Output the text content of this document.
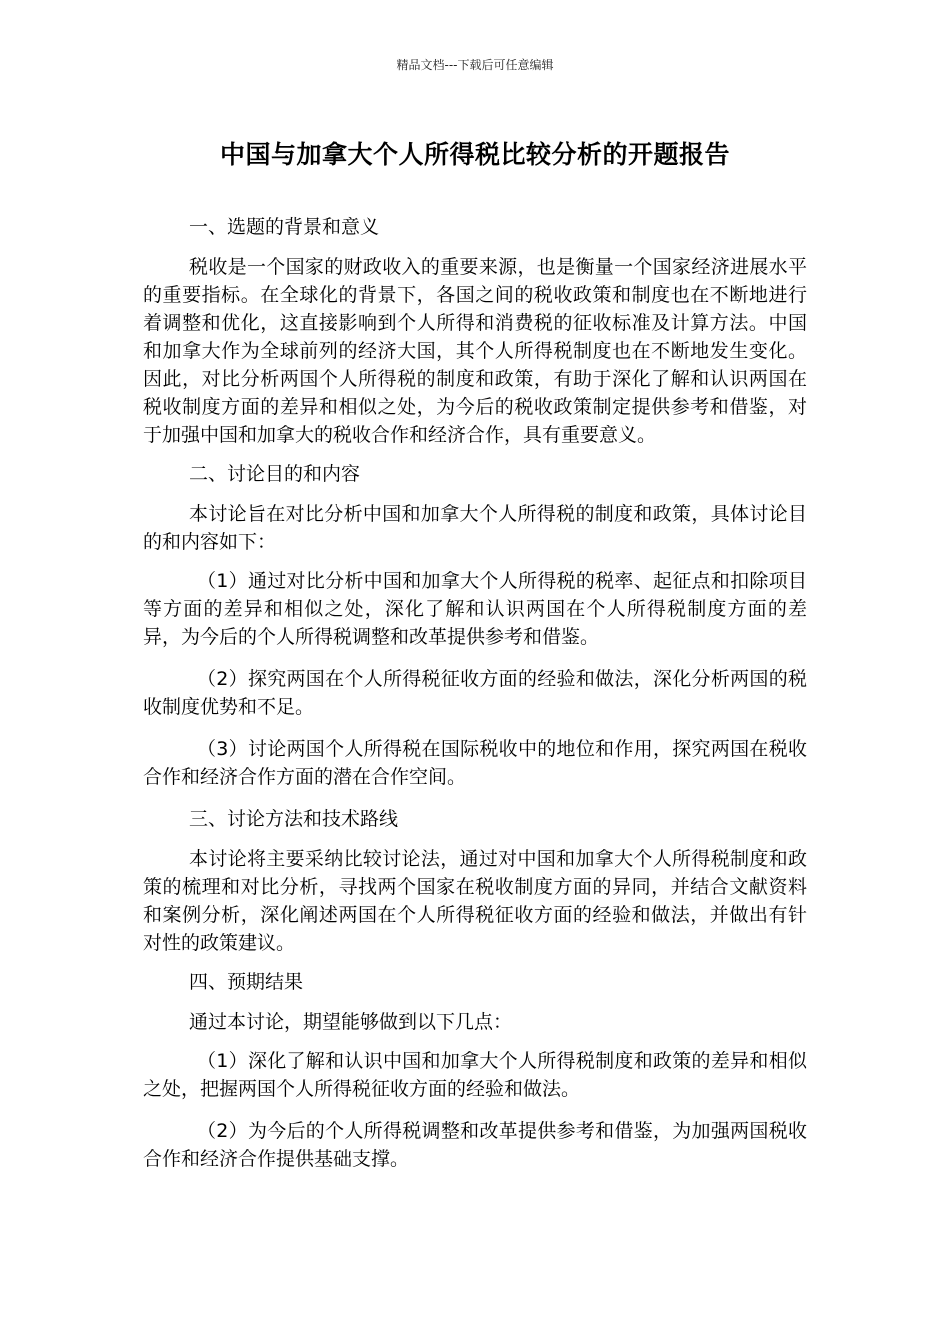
精品文档---下载后可任意编辑
中国与加拿大个人所得税比较分析的开题报告

一、选题的背景和意义

税收是一个国家的财政收入的重要来源，也是衡量一个国家经济进展水平的重要指标。在全球化的背景下，各国之间的税收政策和制度也在不断地进行着调整和优化，这直接影响到个人所得和消费税的征收标准及计算方法。中国和加拿大作为全球前列的经济大国，其个人所得税制度也在不断地发生变化。因此，对比分析两国个人所得税的制度和政策，有助于深化了解和认识两国在税收制度方面的差异和相似之处，为今后的税收政策制定提供参考和借鉴，对于加强中国和加拿大的税收合作和经济合作，具有重要意义。

二、讨论目的和内容

本讨论旨在对比分析中国和加拿大个人所得税的制度和政策，具体讨论目的和内容如下：

（1）通过对比分析中国和加拿大个人所得税的税率、起征点和扣除项目等方面的差异和相似之处，深化了解和认识两国在个人所得税制度方面的差异，为今后的个人所得税调整和改革提供参考和借鉴。

（2）探究两国在个人所得税征收方面的经验和做法，深化分析两国的税收制度优势和不足。

（3）讨论两国个人所得税在国际税收中的地位和作用，探究两国在税收合作和经济合作方面的潜在合作空间。

三、讨论方法和技术路线

本讨论将主要采纳比较讨论法，通过对中国和加拿大个人所得税制度和政策的梳理和对比分析，寻找两个国家在税收制度方面的异同，并结合文献资料和案例分析，深化阐述两国在个人所得税征收方面的经验和做法，并做出有针对性的政策建议。

四、预期结果

通过本讨论，期望能够做到以下几点：

（1）深化了解和认识中国和加拿大个人所得税制度和政策的差异和相似之处，把握两国个人所得税征收方面的经验和做法。

（2）为今后的个人所得税调整和改革提供参考和借鉴，为加强两国税收合作和经济合作提供基础支撑。
